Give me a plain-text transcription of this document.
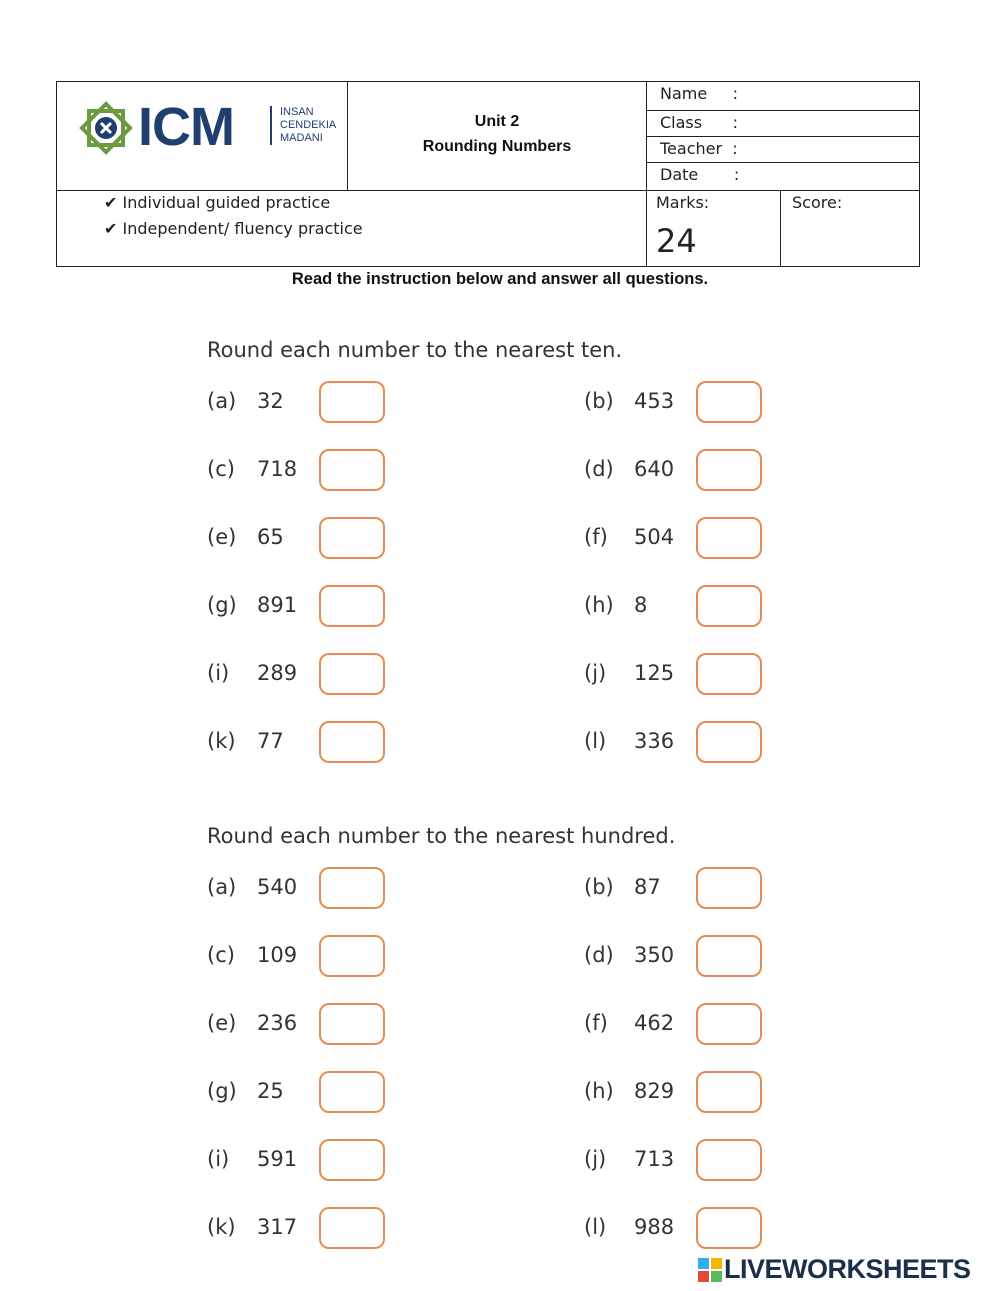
ICM	INSAN
CENDEKIA
MADANI
Unit 2
Rounding Numbers
Name     :
Class      :
Teacher  :
Date       :
✔ Individual guided practice
✔ Independent/ fluency practice
Marks:
24
Score:
Read the instruction below and answer all questions.
Round each number to the nearest ten.
(a) 32	(b) 453
(c) 718	(d) 640
(e) 65	(f) 504
(g) 891	(h) 8
(i) 289	(j) 125
(k) 77	(l) 336
Round each number to the nearest hundred.
(a) 540	(b) 87
(c) 109	(d) 350
(e) 236	(f) 462
(g) 25	(h) 829
(i) 591	(j) 713
(k) 317	(l) 988
LIVEWORKSHEETS
